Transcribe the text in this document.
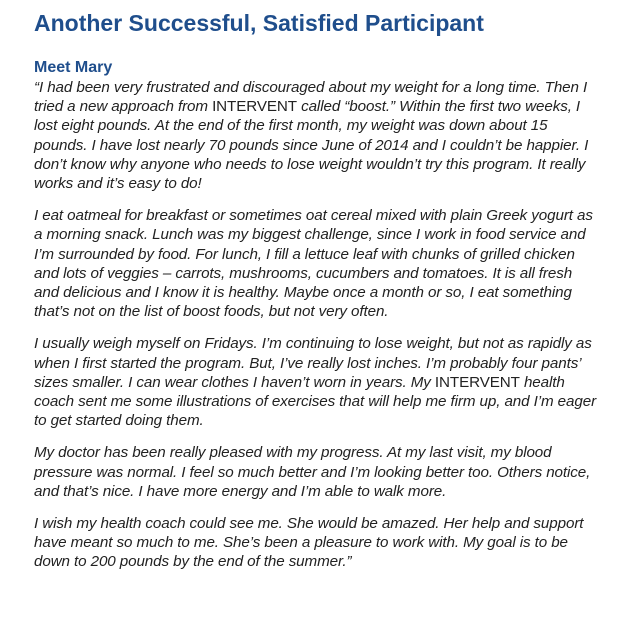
Another Successful, Satisfied Participant
Meet Mary

“I had been very frustrated and discouraged about my weight for a long time. Then I tried a new approach from INTERVENT called “boost.” Within the first two weeks, I lost eight pounds. At the end of the first month, my weight was down about 15 pounds. I have lost nearly 70 pounds since June of 2014 and I couldn’t be happier. I don’t know why anyone who needs to lose weight wouldn’t try this program. It really works and it’s easy to do!

I eat oatmeal for breakfast or sometimes oat cereal mixed with plain Greek yogurt as a morning snack. Lunch was my biggest challenge, since I work in food service and I’m surrounded by food. For lunch, I fill a lettuce leaf with chunks of grilled chicken and lots of veggies – carrots, mushrooms, cucumbers and tomatoes. It is all fresh and delicious and I know it is healthy. Maybe once a month or so, I eat something that’s not on the list of boost foods, but not very often.

I usually weigh myself on Fridays. I’m continuing to lose weight, but not as rapidly as when I first started the program. But, I’ve really lost inches. I’m probably four pants’ sizes smaller. I can wear clothes I haven’t worn in years. My INTERVENT health coach sent me some illustrations of exercises that will help me firm up, and I’m eager to get started doing them.

My doctor has been really pleased with my progress. At my last visit, my blood pressure was normal. I feel so much better and I’m looking better too. Others notice, and that’s nice. I have more energy and I’m able to walk more.

I wish my health coach could see me. She would be amazed. Her help and support have meant so much to me. She’s been a pleasure to work with. My goal is to be down to 200 pounds by the end of the summer.”
